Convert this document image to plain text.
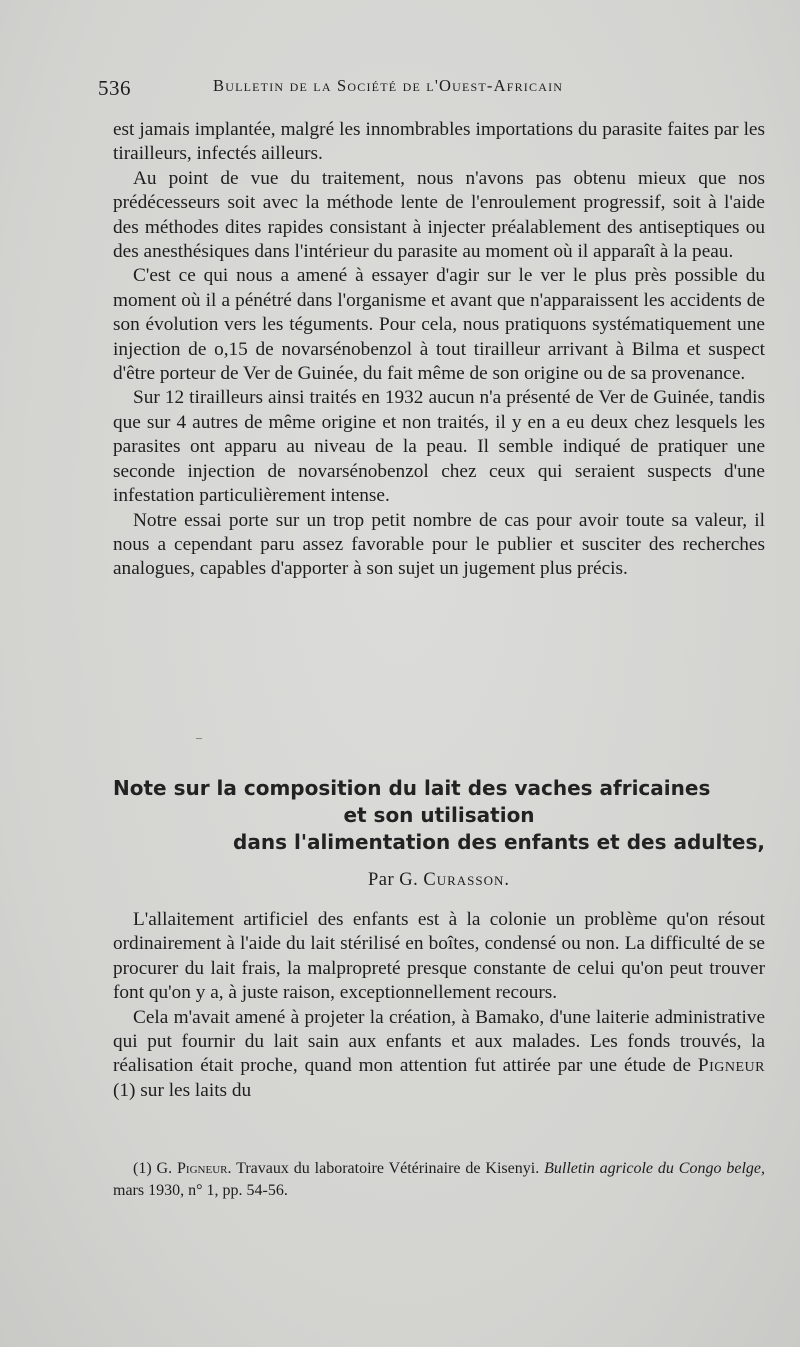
536	Bulletin de la Société de l'Ouest-Africain

est jamais implantée, malgré les innombrables importations du parasite faites par les tirailleurs, infectés ailleurs.

Au point de vue du traitement, nous n'avons pas obtenu mieux que nos prédécesseurs soit avec la méthode lente de l'enroulement progressif, soit à l'aide des méthodes dites rapides consistant à injecter préalablement des antiseptiques ou des anesthésiques dans l'intérieur du parasite au moment où il apparaît à la peau.

C'est ce qui nous a amené à essayer d'agir sur le ver le plus près possible du moment où il a pénétré dans l'organisme et avant que n'apparaissent les accidents de son évolution vers les téguments. Pour cela, nous pratiquons systématiquement une injection de o,15 de novarsénobenzol à tout tirailleur arrivant à Bilma et suspect d'être porteur de Ver de Guinée, du fait même de son origine ou de sa provenance.

Sur 12 tirailleurs ainsi traités en 1932 aucun n'a présenté de Ver de Guinée, tandis que sur 4 autres de même origine et non traités, il y en a eu deux chez lesquels les parasites ont apparu au niveau de la peau. Il semble indiqué de pratiquer une seconde injection de novarsénobenzol chez ceux qui seraient suspects d'une infestation particulièrement intense.

Notre essai porte sur un trop petit nombre de cas pour avoir toute sa valeur, il nous a cependant paru assez favorable pour le publier et susciter des recherches analogues, capables d'apporter à son sujet un jugement plus précis.

Note sur la composition du lait des vaches africaines
et son utilisation
dans l'alimentation des enfants et des adultes,
Par G. Curasson.

L'allaitement artificiel des enfants est à la colonie un problème qu'on résout ordinairement à l'aide du lait stérilisé en boîtes, condensé ou non. La difficulté de se procurer du lait frais, la malpropreté presque constante de celui qu'on peut trouver font qu'on y a, à juste raison, exceptionnellement recours.

Cela m'avait amené à projeter la création, à Bamako, d'une laiterie administrative qui put fournir du lait sain aux enfants et aux malades. Les fonds trouvés, la réalisation était proche, quand mon attention fut attirée par une étude de Pigneur (1) sur les laits du

(1) G. Pigneur. Travaux du laboratoire Vétérinaire de Kisenyi. Bulletin agricole du Congo belge, mars 1930, n° 1, pp. 54-56.
